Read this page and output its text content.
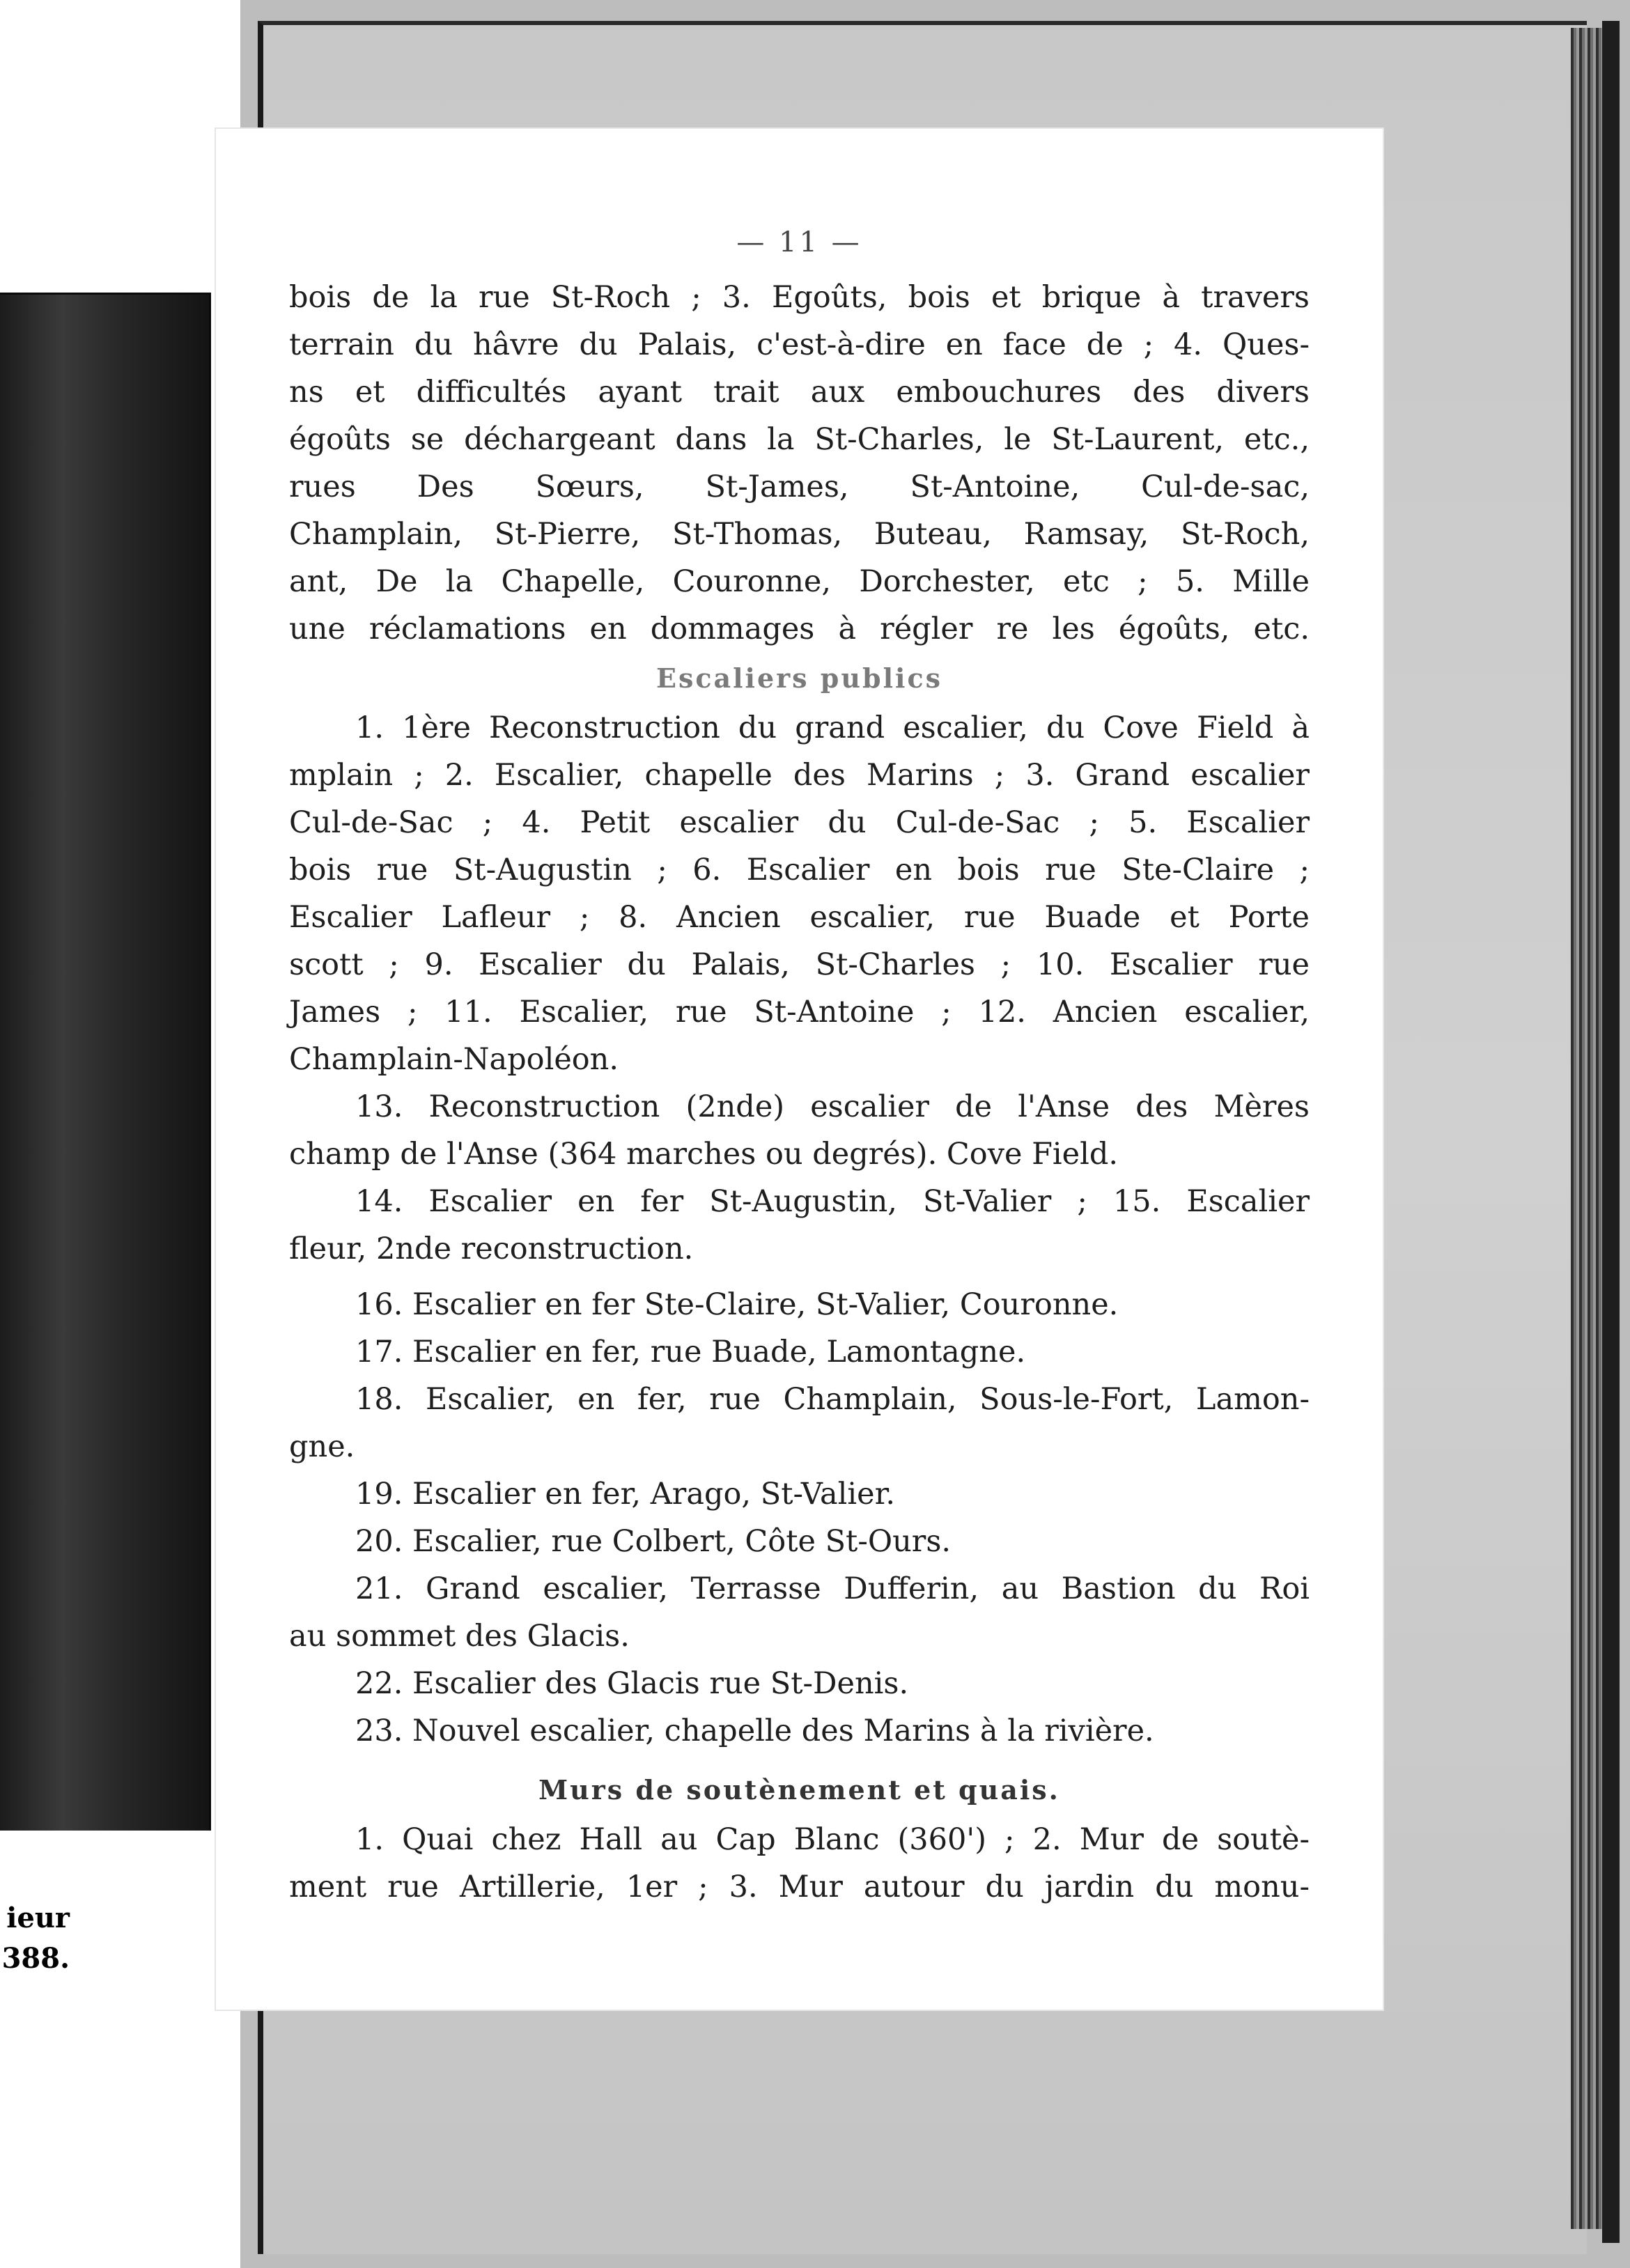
ieur
388.
— 11 —
bois de la rue St-Roch ; 3. Egoûts, bois et brique à travers
terrain du hâvre du Palais, c'est-à-dire en face de ; 4. Ques-
ns et difficultés ayant trait aux embouchures des divers
égoûts se déchargeant dans la St-Charles, le St-Laurent, etc.,
rues Des Sœurs, St-James, St-Antoine, Cul-de-sac,
Champlain, St-Pierre, St-Thomas, Buteau, Ramsay, St-Roch,
ant, De la Chapelle, Couronne, Dorchester, etc ; 5. Mille
une réclamations en dommages à régler re les égoûts, etc.
Escaliers publics
1. 1ère Reconstruction du grand escalier, du Cove Field à
mplain ; 2. Escalier, chapelle des Marins ; 3. Grand escalier
Cul-de-Sac ; 4. Petit escalier du Cul-de-Sac ; 5. Escalier
bois rue St-Augustin ; 6. Escalier en bois rue Ste-Claire ;
Escalier Lafleur ; 8. Ancien escalier, rue Buade et Porte
scott ; 9. Escalier du Palais, St-Charles ; 10. Escalier rue
James ; 11. Escalier, rue St-Antoine ; 12. Ancien escalier,
Champlain-Napoléon.
13. Reconstruction (2nde) escalier de l'Anse des Mères
champ de l'Anse (364 marches ou degrés). Cove Field.
14. Escalier en fer St-Augustin, St-Valier ; 15. Escalier
fleur, 2nde reconstruction.
16. Escalier en fer Ste-Claire, St-Valier, Couronne.
17. Escalier en fer, rue Buade, Lamontagne.
18. Escalier, en fer, rue Champlain, Sous-le-Fort, Lamon-
gne.
19. Escalier en fer, Arago, St-Valier.
20. Escalier, rue Colbert, Côte St-Ours.
21. Grand escalier, Terrasse Dufferin, au Bastion du Roi
au sommet des Glacis.
22. Escalier des Glacis rue St-Denis.
23. Nouvel escalier, chapelle des Marins à la rivière.
Murs de soutènement et quais.
1. Quai chez Hall au Cap Blanc (360') ; 2. Mur de soutè-
ment rue Artillerie, 1er ; 3. Mur autour du jardin du monu-
